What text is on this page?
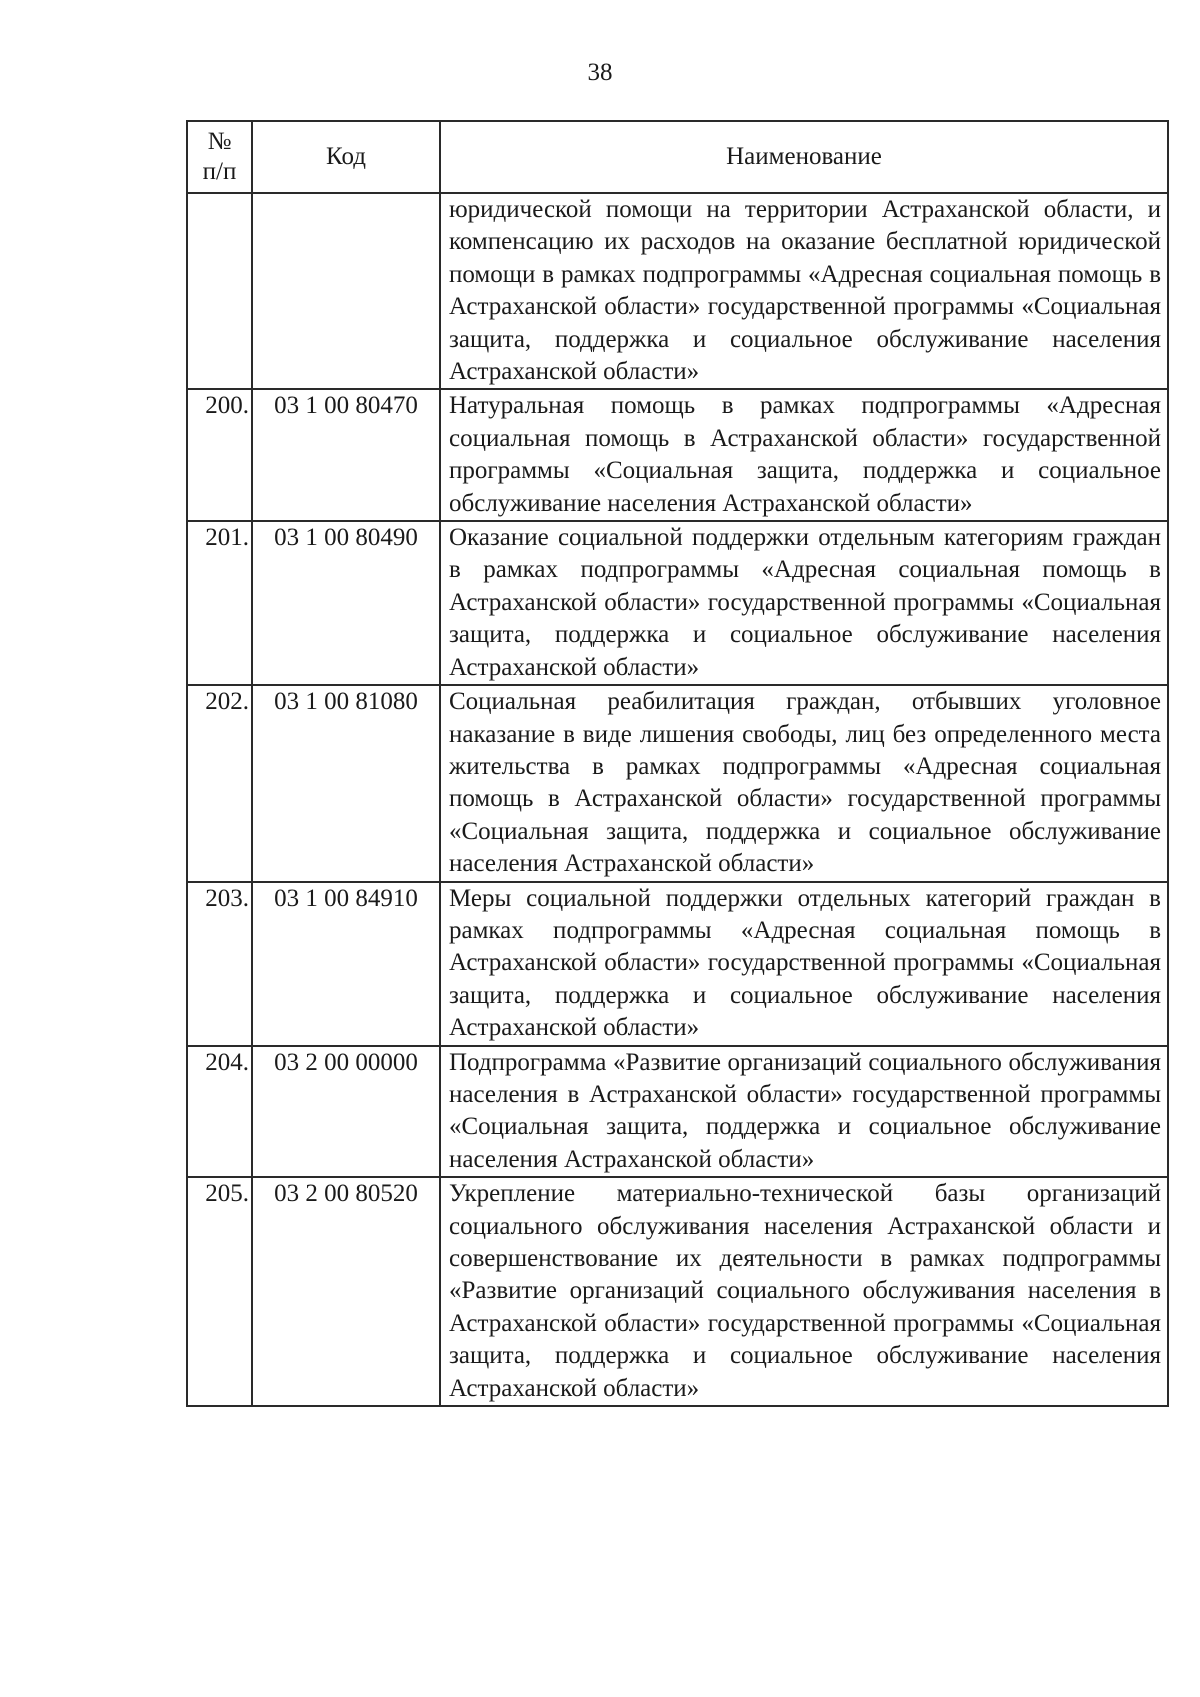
38
№
п/п	Код	Наименование
		юридической помощи на территории Астраханской области, и компенсацию их расходов на оказание бесплатной юридической помощи в рамках подпрограммы «Адресная социальная помощь в Астраханской области» государственной программы «Социальная защита, поддержка и социальное обслуживание населения Астраханской области»
200.	03 1 00 80470	Натуральная помощь в рамках подпрограммы «Адресная социальная помощь в Астраханской области» государственной программы «Социальная защита, поддержка и социальное обслуживание населения Астраханской области»
201.	03 1 00 80490	Оказание социальной поддержки отдельным категориям граждан в рамках подпрограммы «Адресная социальная помощь в Астраханской области» государственной программы «Социальная защита, поддержка и социальное обслуживание населения Астраханской области»
202.	03 1 00 81080	Социальная реабилитация граждан, отбывших уголовное наказание в виде лишения свободы, лиц без определенного места жительства в рамках подпрограммы «Адресная социальная помощь в Астраханской области» государственной программы «Социальная защита, поддержка и социальное обслуживание населения Астраханской области»
203.	03 1 00 84910	Меры социальной поддержки отдельных категорий граждан в рамках подпрограммы «Адресная социальная помощь в Астраханской области» государственной программы «Социальная защита, поддержка и социальное обслуживание населения Астраханской области»
204.	03 2 00 00000	Подпрограмма «Развитие организаций социального обслуживания населения в Астраханской области» государственной программы «Социальная защита, поддержка и социальное обслуживание населения Астраханской области»
205.	03 2 00 80520	Укрепление материально-технической базы организаций социального обслуживания населения Астраханской области и совершенствование их деятельности в рамках подпрограммы «Развитие организаций социального обслуживания населения в Астраханской области» государственной программы «Социальная защита, поддержка и социальное обслуживание населения Астраханской области»
